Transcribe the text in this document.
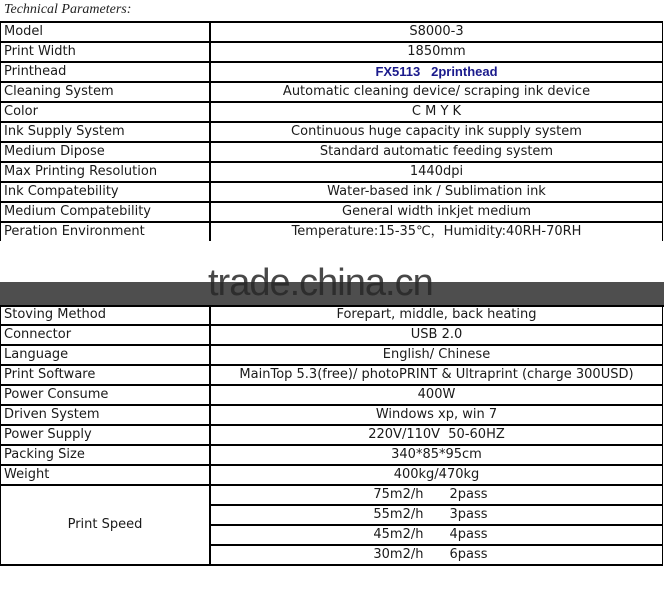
Technical Parameters:
Model	S8000-3
Print Width	1850mm
Printhead	FX5113   2printhead
Cleaning System	Automatic cleaning device/ scraping ink device
Color	C M Y K
Ink Supply System	Continuous huge capacity ink supply system
Medium Dipose	Standard automatic feeding system
Max Printing Resolution	1440dpi
Ink Compatebility	Water-based ink / Sublimation ink
Medium Compatebility	General width inkjet medium
Peration Environment	Temperature:15-35℃，Humidity:40RH-70RH
trade.china.cn
Stoving Method	Forepart, middle, back heating
Connector	USB 2.0
Language	English/ Chinese
Print Software	MainTop 5.3(free)/ photoPRINT & Ultraprint (charge 300USD)
Power Consume	400W
Driven System	Windows xp, win 7
Power Supply	220V/110V  50-60HZ
Packing Size	340*85*95cm
Weight	400kg/470kg
Print Speed	75m2/h 2pass
	55m2/h 3pass
	45m2/h 4pass
	30m2/h 6pass
